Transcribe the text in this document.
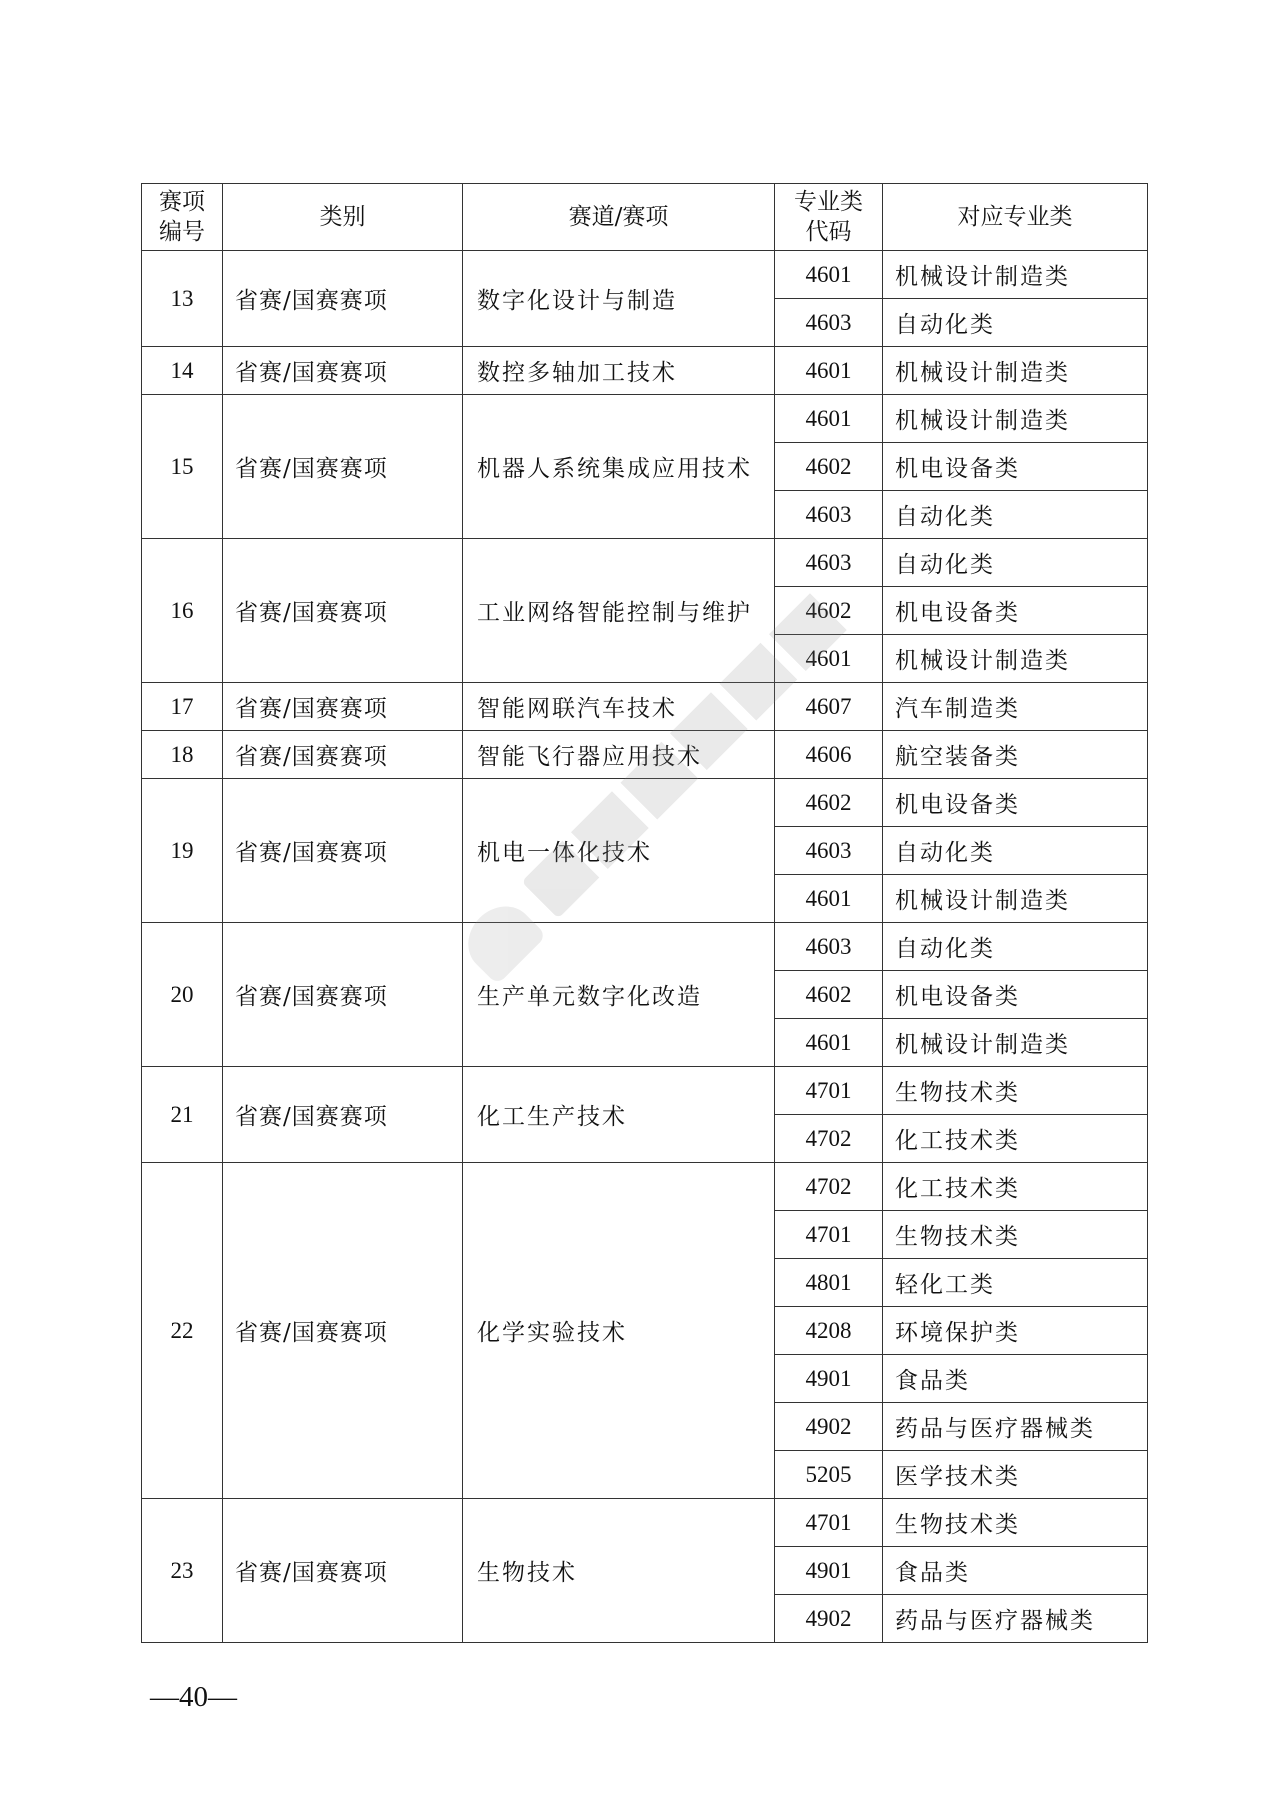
赛项编号	类别	赛道/赛项	专业类代码	对应专业类
13	省赛/国赛赛项	数字化设计与制造	4601	机械设计制造类
			4603	自动化类
14	省赛/国赛赛项	数控多轴加工技术	4601	机械设计制造类
15	省赛/国赛赛项	机器人系统集成应用技术	4601	机械设计制造类
			4602	机电设备类
			4603	自动化类
16	省赛/国赛赛项	工业网络智能控制与维护	4603	自动化类
			4602	机电设备类
			4601	机械设计制造类
17	省赛/国赛赛项	智能网联汽车技术	4607	汽车制造类
18	省赛/国赛赛项	智能飞行器应用技术	4606	航空装备类
19	省赛/国赛赛项	机电一体化技术	4602	机电设备类
			4603	自动化类
			4601	机械设计制造类
20	省赛/国赛赛项	生产单元数字化改造	4603	自动化类
			4602	机电设备类
			4601	机械设计制造类
21	省赛/国赛赛项	化工生产技术	4701	生物技术类
			4702	化工技术类
22	省赛/国赛赛项	化学实验技术	4702	化工技术类
			4701	生物技术类
			4801	轻化工类
			4208	环境保护类
			4901	食品类
			4902	药品与医疗器械类
			5205	医学技术类
23	省赛/国赛赛项	生物技术	4701	生物技术类
			4901	食品类
			4902	药品与医疗器械类
—40—
